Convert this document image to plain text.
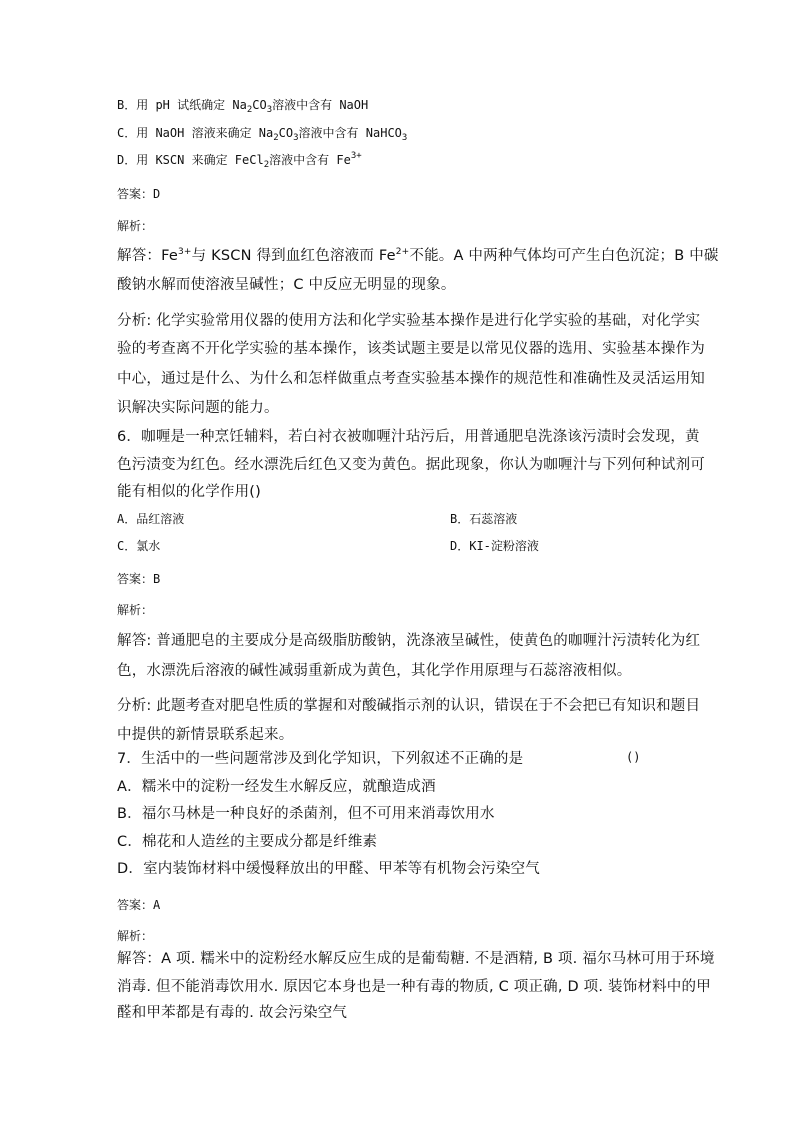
B．用 pH 试纸确定 $Na_2CO_3$溶液中含有 NaOH
C．用 NaOH 溶液来确定 $Na_2CO_3$溶液中含有 NaHCO$_3$
D．用 KSCN 来确定 FeCl$_2$溶液中含有 $Fe^{3+}$
答案：D
解析：
解答：$Fe^{3+}$与 KSCN 得到血红色溶液而 $Fe^{2+}$不能。A 中两种气体均可产生白色沉淀；B 中碳
酸钠水解而使溶液呈碱性；C 中反应无明显的现象。
分析: 化学实验常用仪器的使用方法和化学实验基本操作是进行化学实验的基础，对化学实
验的考查离不开化学实验的基本操作，该类试题主要是以常见仪器的选用、实验基本操作为
中心，通过是什么、为什么和怎样做重点考查实验基本操作的规范性和准确性及灵活运用知
识解决实际问题的能力。
6．咖喱是一种烹饪辅料，若白衬衣被咖喱汁玷污后，用普通肥皂洗涤该污渍时会发现，黄
色污渍变为红色。经水漂洗后红色又变为黄色。据此现象，你认为咖喱汁与下列何种试剂可
能有相似的化学作用()
A．品红溶液	B．石蕊溶液
C．氯水	D．KI-淀粉溶液
答案：B
解析：
解答: 普通肥皂的主要成分是高级脂肪酸钠，洗涤液呈碱性，使黄色的咖喱汁污渍转化为红
色，水漂洗后溶液的碱性减弱重新成为黄色，其化学作用原理与石蕊溶液相似。
分析: 此题考查对肥皂性质的掌握和对酸碱指示剂的认识，错误在于不会把已有知识和题目
中提供的新情景联系起来。
7．生活中的一些问题常涉及到化学知识，下列叙述不正确的是	()
A．糯米中的淀粉一经发生水解反应，就酿造成酒
B．福尔马林是一种良好的杀菌剂，但不可用来消毒饮用水
C．棉花和人造丝的主要成分都是纤维素
D．室内装饰材料中缓慢释放出的甲醛、甲苯等有机物会污染空气
答案：A
解析：
解答：A 项. 糯米中的淀粉经水解反应生成的是葡萄糖. 不是酒精, B 项. 福尔马林可用于环境
消毒. 但不能消毒饮用水. 原因它本身也是一种有毒的物质, C 项正确, D 项. 装饰材料中的甲
醛和甲苯都是有毒的. 故会污染空气
